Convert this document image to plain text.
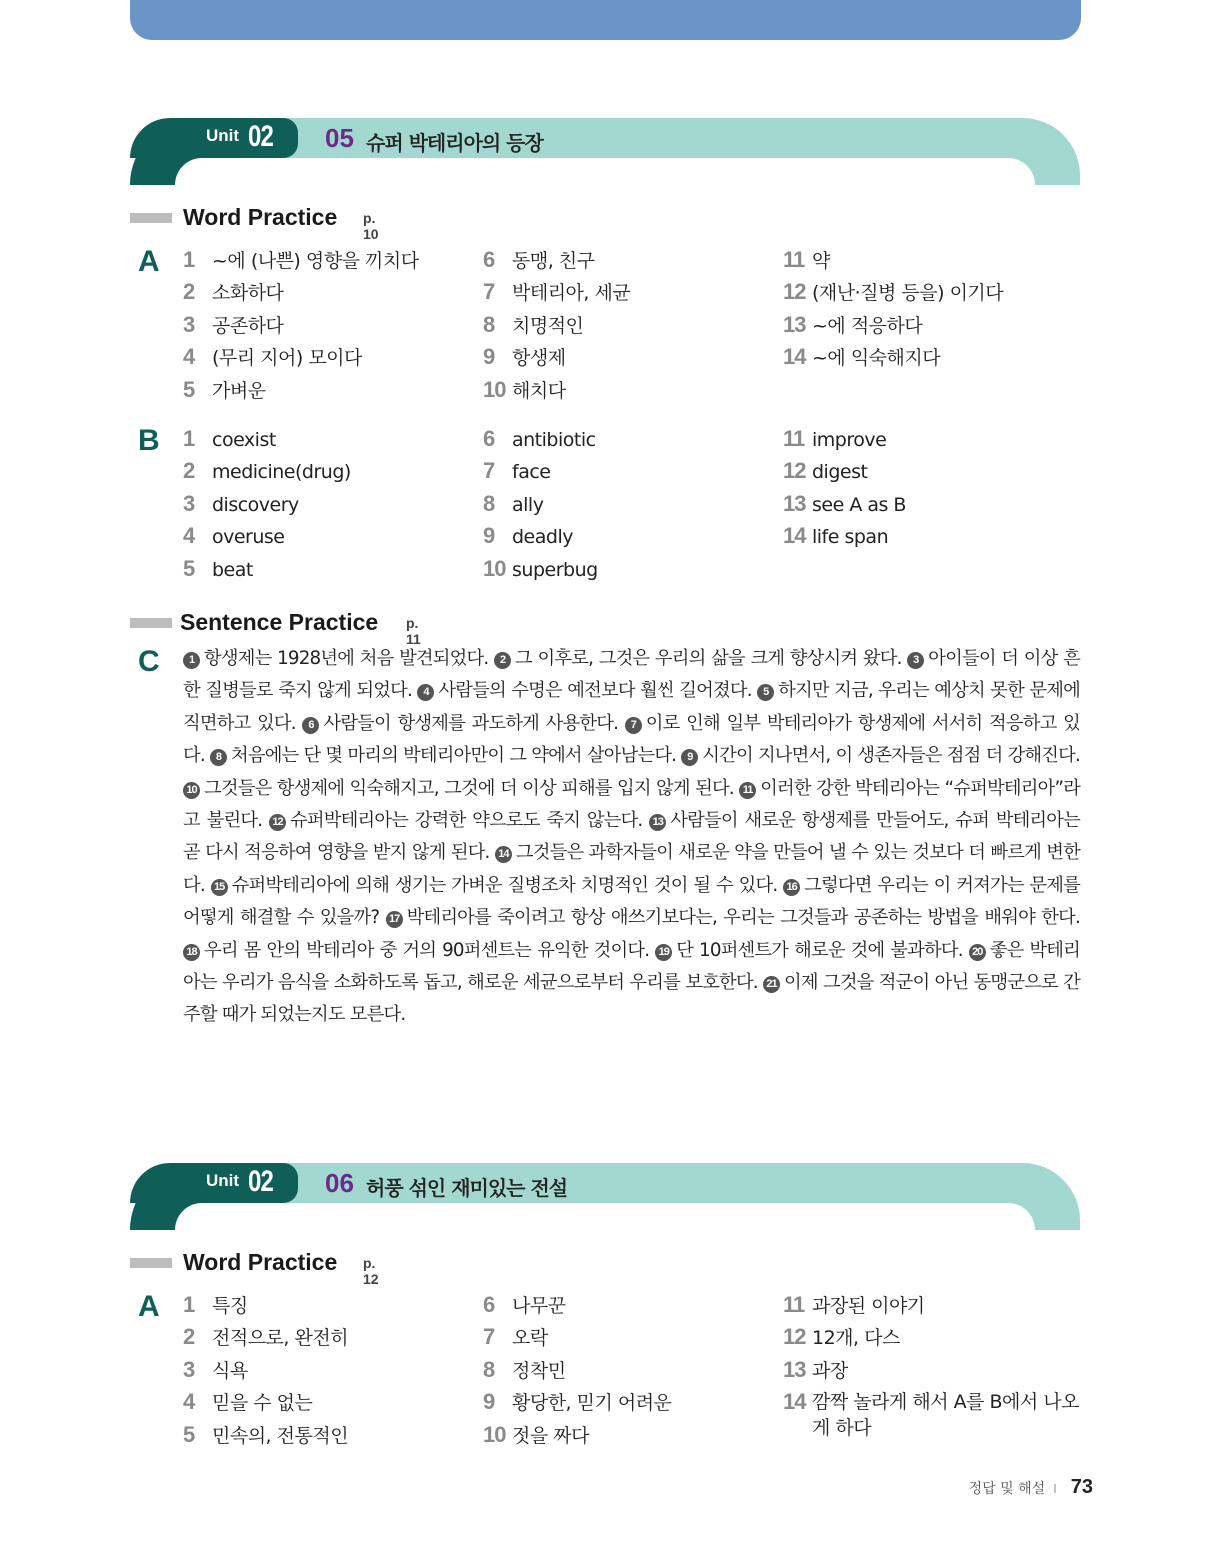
Unit 02 05 슈퍼 박테리아의 등장
Word Practice p. 10
A
B
Sentence Practice p. 11
C	1 항생제는 1928년에 처음 발견되었다. 2 그 이후로, 그것은 우리의 삶을 크게 향상시켜 왔다. 3 아이들이 더 이상 흔한 질병들로 죽지 않게 되었다. 4 사람들의 수명은 예전보다 훨씬 길어졌다. 5 하지만 지금, 우리는 예상치 못한 문제에 직면하고 있다. 6 사람들이 항생제를 과도하게 사용한다. 7 이로 인해 일부 박테리아가 항생제에 서서히 적응하고 있다. 8 처음에는 단 몇 마리의 박테리아만이 그 약에서 살아남는다. 9 시간이 지나면서, 이 생존자들은 점점 더 강해진다. 10 그것들은 항생제에 익숙해지고, 그것에 더 이상 피해를 입지 않게 된다. 11 이러한 강한 박테리아는 “슈퍼박테리아”라고 불린다. 12 슈퍼박테리아는 강력한 약으로도 죽지 않는다. 13 사람들이 새로운 항생제를 만들어도, 슈퍼 박테리아는 곧 다시 적응하여 영향을 받지 않게 된다. 14 그것들은 과학자들이 새로운 약을 만들어 낼 수 있는 것보다 더 빠르게 변한다. 15 슈퍼박테리아에 의해 생기는 가벼운 질병조차 치명적인 것이 될 수 있다. 16 그렇다면 우리는 이 커져가는 문제를 어떻게 해결할 수 있을까? 17 박테리아를 죽이려고 항상 애쓰기보다는, 우리는 그것들과 공존하는 방법을 배워야 한다. 18 우리 몸 안의 박테리아 중 거의 90퍼센트는 유익한 것이다. 19 단 10퍼센트가 해로운 것에 불과하다. 20 좋은 박테리아는 우리가 음식을 소화하도록 돕고, 해로운 세균으로부터 우리를 보호한다. 21 이제 그것을 적군이 아닌 동맹군으로 간주할 때가 되었는지도 모른다.
Unit 02 06 허풍 섞인 재미있는 전설
Word Practice p. 12
A
정답 및 해설 I 73
1 ~에 (나쁜) 영향을 끼치다
2 소화하다
3 공존하다
4 (무리 지어) 모이다
5 가벼운
6 동맹, 친구
7 박테리아, 세균
8 치명적인
9 항생제
10 해치다
11 약
12 (재난·질병 등을) 이기다
13 ~에 적응하다
14 ~에 익숙해지다
1 coexist
2 medicine(drug)
3 discovery
4 overuse
5 beat
6 antibiotic
7 face
8 ally
9 deadly
10 superbug
11 improve
12 digest
13 see A as B
14 life span
1 특징
2 전적으로, 완전히
3 식욕
4 믿을 수 없는
5 민속의, 전통적인
6 나무꾼
7 오락
8 정착민
9 황당한, 믿기 어려운
10 젓을 짜다
11 과장된 이야기
12 12개, 다스
13 과장
14 깜짝 놀라게 해서 A를 B에서 나오게 하다
